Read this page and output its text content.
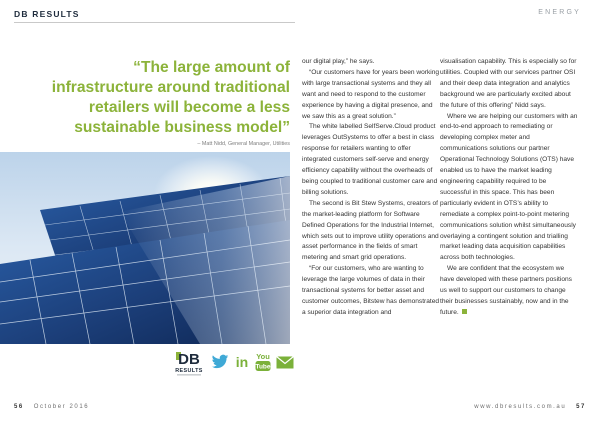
DB RESULTS	ENERGY
“The large amount of
infrastructure around traditional
retailers will become a less
sustainable business model”
– Matt Nidd, General Manager, Utilities
DB
RESULTS
in You
Tube

our digital play,” he says.

“Our customers have for years been working with large transactional systems and they all want and need to respond to the customer experience by having a digital presence, and we saw this as a great solution.”

The white labelled SelfServe.Cloud product leverages OutSystems to offer a best in class response for retailers wanting to offer integrated customers self-serve and energy efficiency capability without the overheads of being coupled to traditional customer care and billing solutions.

The second is Bit Stew Systems, creators of the market-leading platform for Software Defined Operations for the Industrial Internet, which sets out to improve utility operations and asset performance in the fields of smart metering and smart grid operations.

“For our customers, who are wanting to leverage the large volumes of data in their transactional systems for better asset and customer outcomes, Bitstew has demonstrated a superior data integration and

visualisation capability. This is especially so for utilities. Coupled with our services partner OSI and their deep data integration and analytics background we are particularly excited about the future of this offering” Nidd says.

Where we are helping our customers with an end-to-end approach to remediating or developing complex meter and communications solutions our partner Operational Technology Solutions (OTS) have enabled us to have the market leading engineering capability required to be successful in this space. This has been particularly evident in OTS’s ability to remediate a complex point-to-point metering communications solution whilst simultaneously overlaying a contingent solution and trialling market leading data acquisition capabilities across both technologies.

We are confident that the ecosystem we have developed with these partners positions us well to support our customers to change their businesses sustainably, now and in the future.

56 October 2016	www.dbresults.com.au 57
